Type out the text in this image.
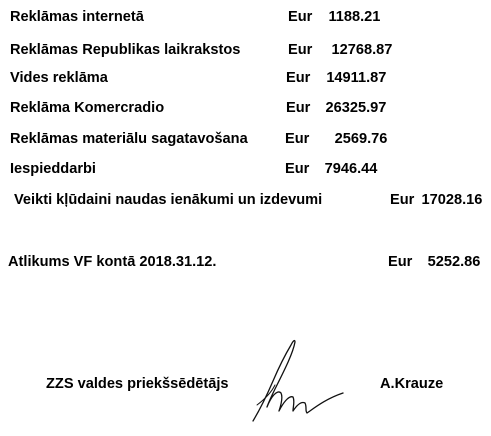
Reklāmas internetā	Eur 1188.21
Reklāmas Republikas laikrakstos	Eur 12768.87
Vides reklāma	Eur 14911.87
Reklāma Komercradio	Eur 26325.97
Reklāmas materiālu sagatavošana	Eur 2569.76
Iespieddarbi	Eur 7946.44
Veikti kļūdaini naudas ienākumi un izdevumi	Eur 17028.16
Atlikums VF kontā 2018.31.12.	Eur 5252.86
ZZS valdes priekšsēdētājs	A.Krauze
